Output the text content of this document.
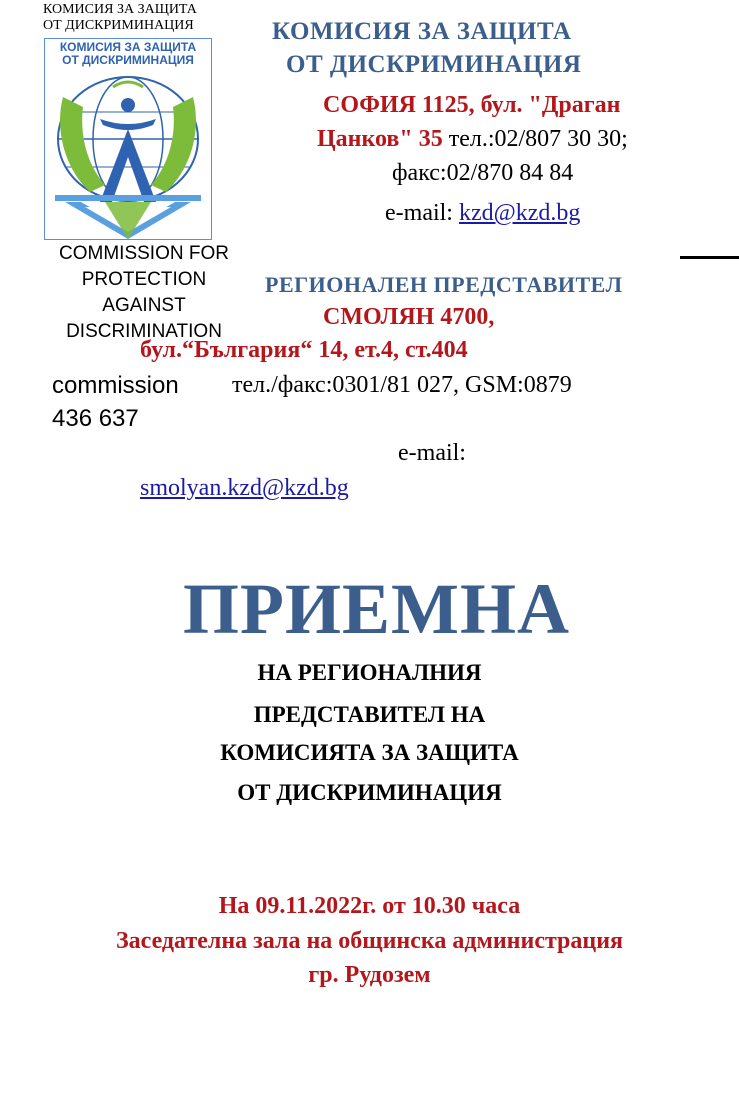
КОМИСИЯ ЗА ЗАЩИТА
ОТ ДИСКРИМИНАЦИЯ
КОМИСИЯ ЗА ЗАЩИТА
ОТ ДИСКРИМИНАЦИЯ
COMMISSION FOR
PROTECTION
AGAINST
DISCRIMINATION
КОМИСИЯ ЗА ЗАЩИТА
ОТ ДИСКРИМИНАЦИЯ
СОФИЯ 1125, бул. "Драган
Цанков" 35 тел.:02/807 30 30;
факс:02/870 84 84
e-mail: kzd@kzd.bg
РЕГИОНАЛЕН ПРЕДСТАВИТЕЛ
СМОЛЯН 4700,
бул.“България“ 14, ет.4, ст.404
commission тел./факс:0301/81 027, GSM:0879
436 637
e-mail:
smolyan.kzd@kzd.bg
ПРИЕМНА
НА РЕГИОНАЛНИЯ
ПРЕДСТАВИТЕЛ НА
КОМИСИЯТА ЗА ЗАЩИТА
ОТ ДИСКРИМИНАЦИЯ
На 09.11.2022г. от 10.30 часа
Заседателна зала на общинска администрация
гр. Рудозем
